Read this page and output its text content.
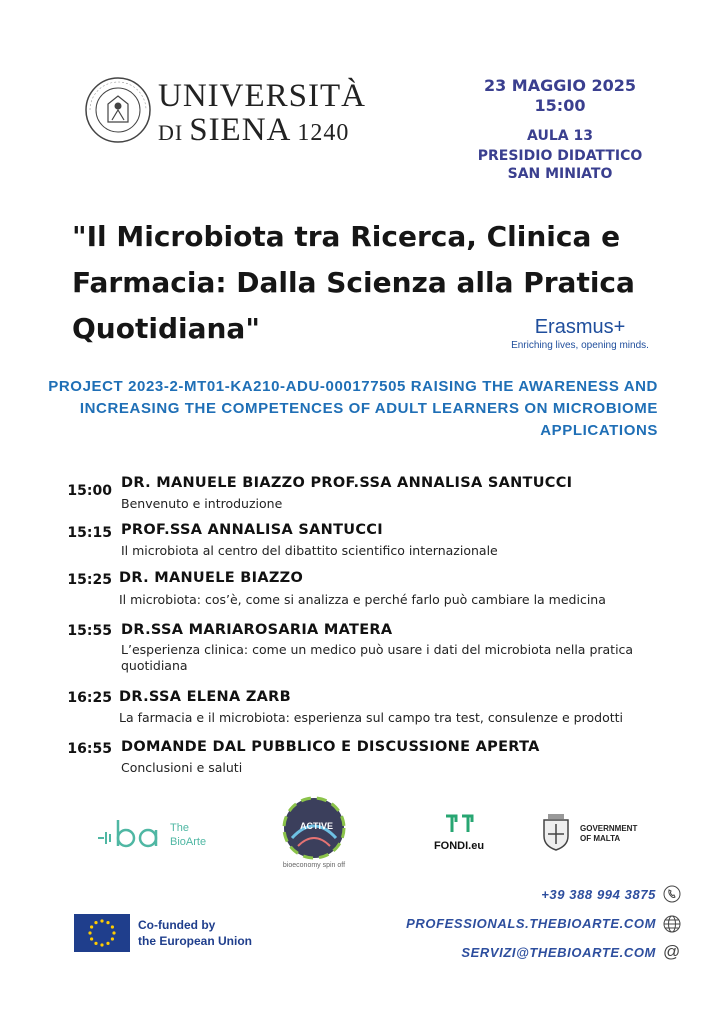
UNIVERSITÀ
DI SIENA 1240
23 MAGGIO 2025
15:00
AULA 13
PRESIDIO DIDATTICO
SAN MINIATO
"Il Microbiota tra Ricerca, Clinica e Farmacia: Dalla Scienza alla Pratica Quotidiana"	Erasmus+
Enriching lives, opening minds.
PROJECT 2023-2-MT01-KA210-ADU-000177505 RAISING THE AWARENESS AND
INCREASING THE COMPETENCES OF ADULT LEARNERS ON MICROBIOME
APPLICATIONS
15:00 DR. MANUELE BIAZZO PROF.SSA ANNALISA SANTUCCI
Benvenuto e introduzione
15:15 PROF.SSA ANNALISA SANTUCCI
Il microbiota al centro del dibattito scientifico internazionale
15:25 DR. MANUELE BIAZZO
Il microbiota: cos’è, come si analizza e perché farlo può cambiare la medicina
15:55 DR.SSA MARIAROSARIA MATERA
L’esperienza clinica: come un medico può usare i dati del microbiota nella pratica quotidiana
16:25 DR.SSA ELENA ZARB
La farmacia e il microbiota: esperienza sul campo tra test, consulenze e prodotti
16:55 DOMANDE DAL PUBBLICO E DISCUSSIONE APERTA
Conclusioni e saluti
The
BioArte
ACTIVE
bioeconomy spin off
FONDI.eu
GOVERNMENT
OF MALTA
+39 388 994 3875
PROFESSIONALS.THEBIOARTE.COM
SERVIZI@THEBIOARTE.COM @
Co-funded by
the European Union
